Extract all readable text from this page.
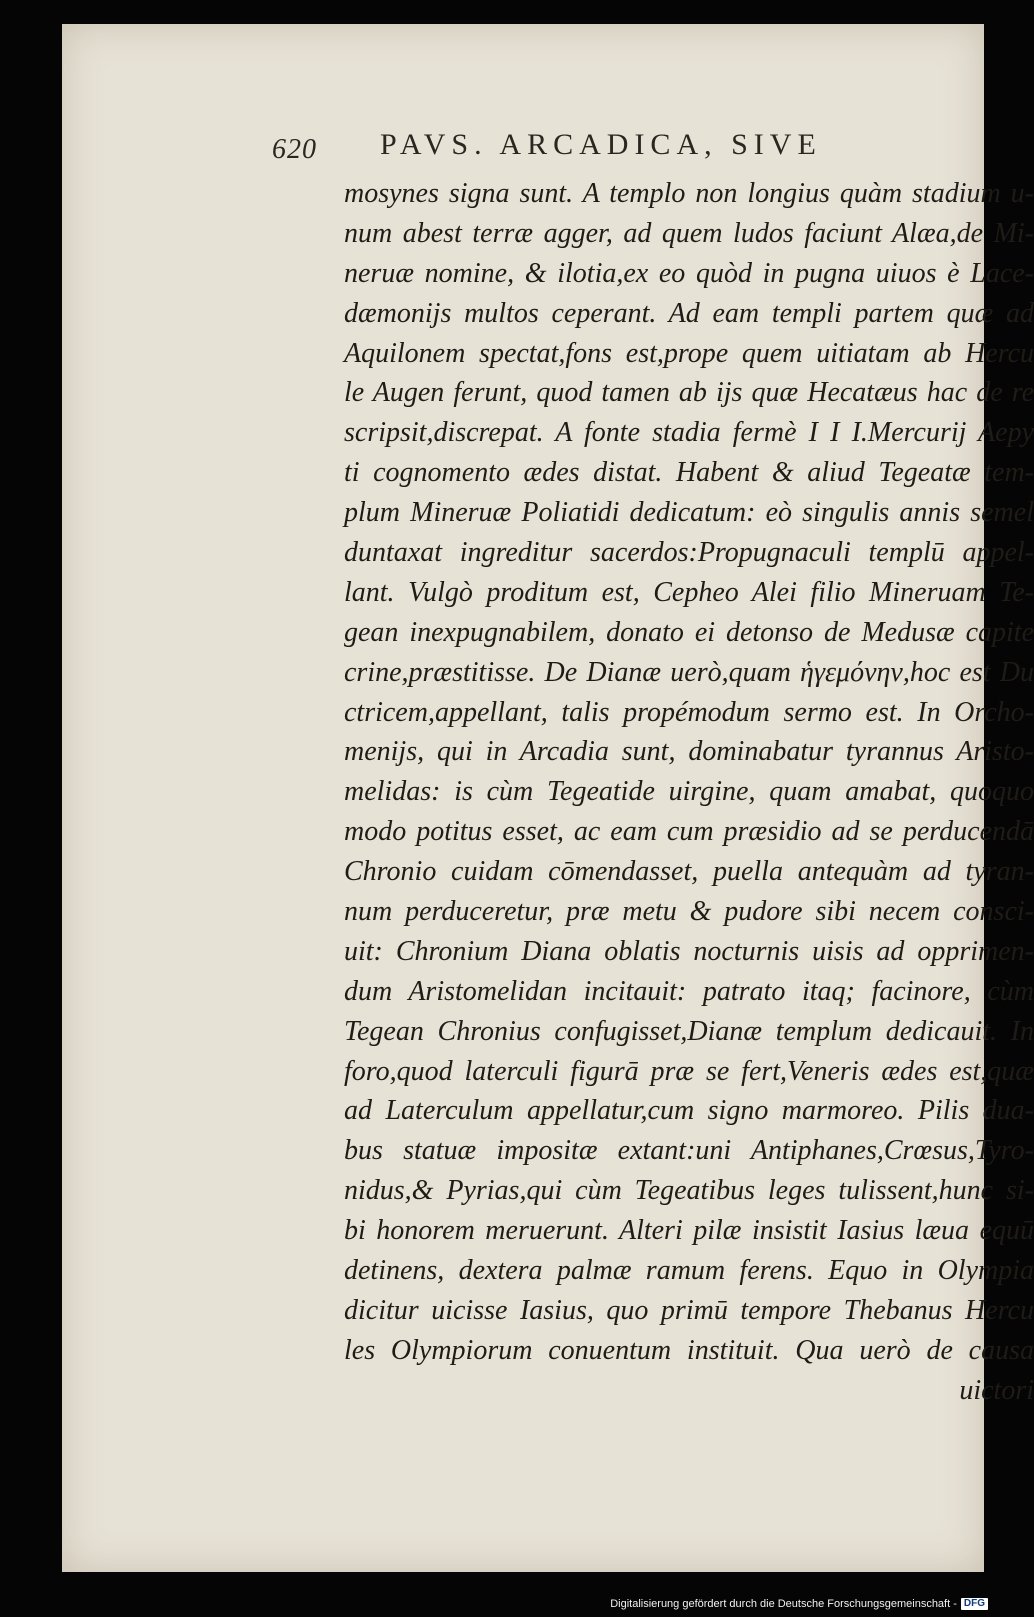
620 PAVS. ARCADICA, SIVE
mosynes signa sunt. A templo non longius quàm stadium u-
num abest terræ agger, ad quem ludos faciunt Alæa,de Mi-
neruæ nomine, & ilotia,ex eo quòd in pugna uiuos è Lace-
dæmonijs multos ceperant. Ad eam templi partem quæ ad
Aquilonem spectat,fons est,prope quem uitiatam ab Hercu
le Augen ferunt, quod tamen ab ijs quæ Hecatæus hac de re
scripsit,discrepat. A fonte stadia fermè I I I.Mercurij Aepy
ti cognomento ædes distat. Habent & aliud Tegeatæ tem-
plum Mineruæ Poliatidi dedicatum: eò singulis annis semel
duntaxat ingreditur sacerdos:Propugnaculi templū appel-
lant. Vulgò proditum est, Cepheo Alei filio Mineruam Te-
gean inexpugnabilem, donato ei detonso de Medusæ capite
crine,præstitisse. De Dianæ uerò,quam ἡγεμόνην,hoc est Du
ctricem,appellant, talis propémodum sermo est. In Orcho-
menijs, qui in Arcadia sunt, dominabatur tyrannus Aristo-
melidas: is cùm Tegeatide uirgine, quam amabat, quoquo
modo potitus esset, ac eam cum præsidio ad se perducendā
Chronio cuidam cōmendasset, puella antequàm ad tyran-
num perduceretur, præ metu & pudore sibi necem consci-
uit: Chronium Diana oblatis nocturnis uisis ad opprimen-
dum Aristomelidan incitauit: patrato itaq; facinore, cùm
Tegean Chronius confugisset,Dianæ templum dedicauit. In
foro,quod laterculi figurā præ se fert,Veneris ædes est,quæ
ad Laterculum appellatur,cum signo marmoreo. Pilis dua-
bus statuæ impositæ extant:uni Antiphanes,Crœsus,Tyro-
nidus,& Pyrias,qui cùm Tegeatibus leges tulissent,hunc si-
bi honorem meruerunt. Alteri pilæ insistit Iasius læua equū
detinens, dextera palmæ ramum ferens. Equo in Olympia
dicitur uicisse Iasius, quo primū tempore Thebanus Hercu
les Olympiorum conuentum instituit. Qua uerò de causa
uictori
Digitalisierung gefördert durch die Deutsche Forschungsgemeinschaft - DFG
